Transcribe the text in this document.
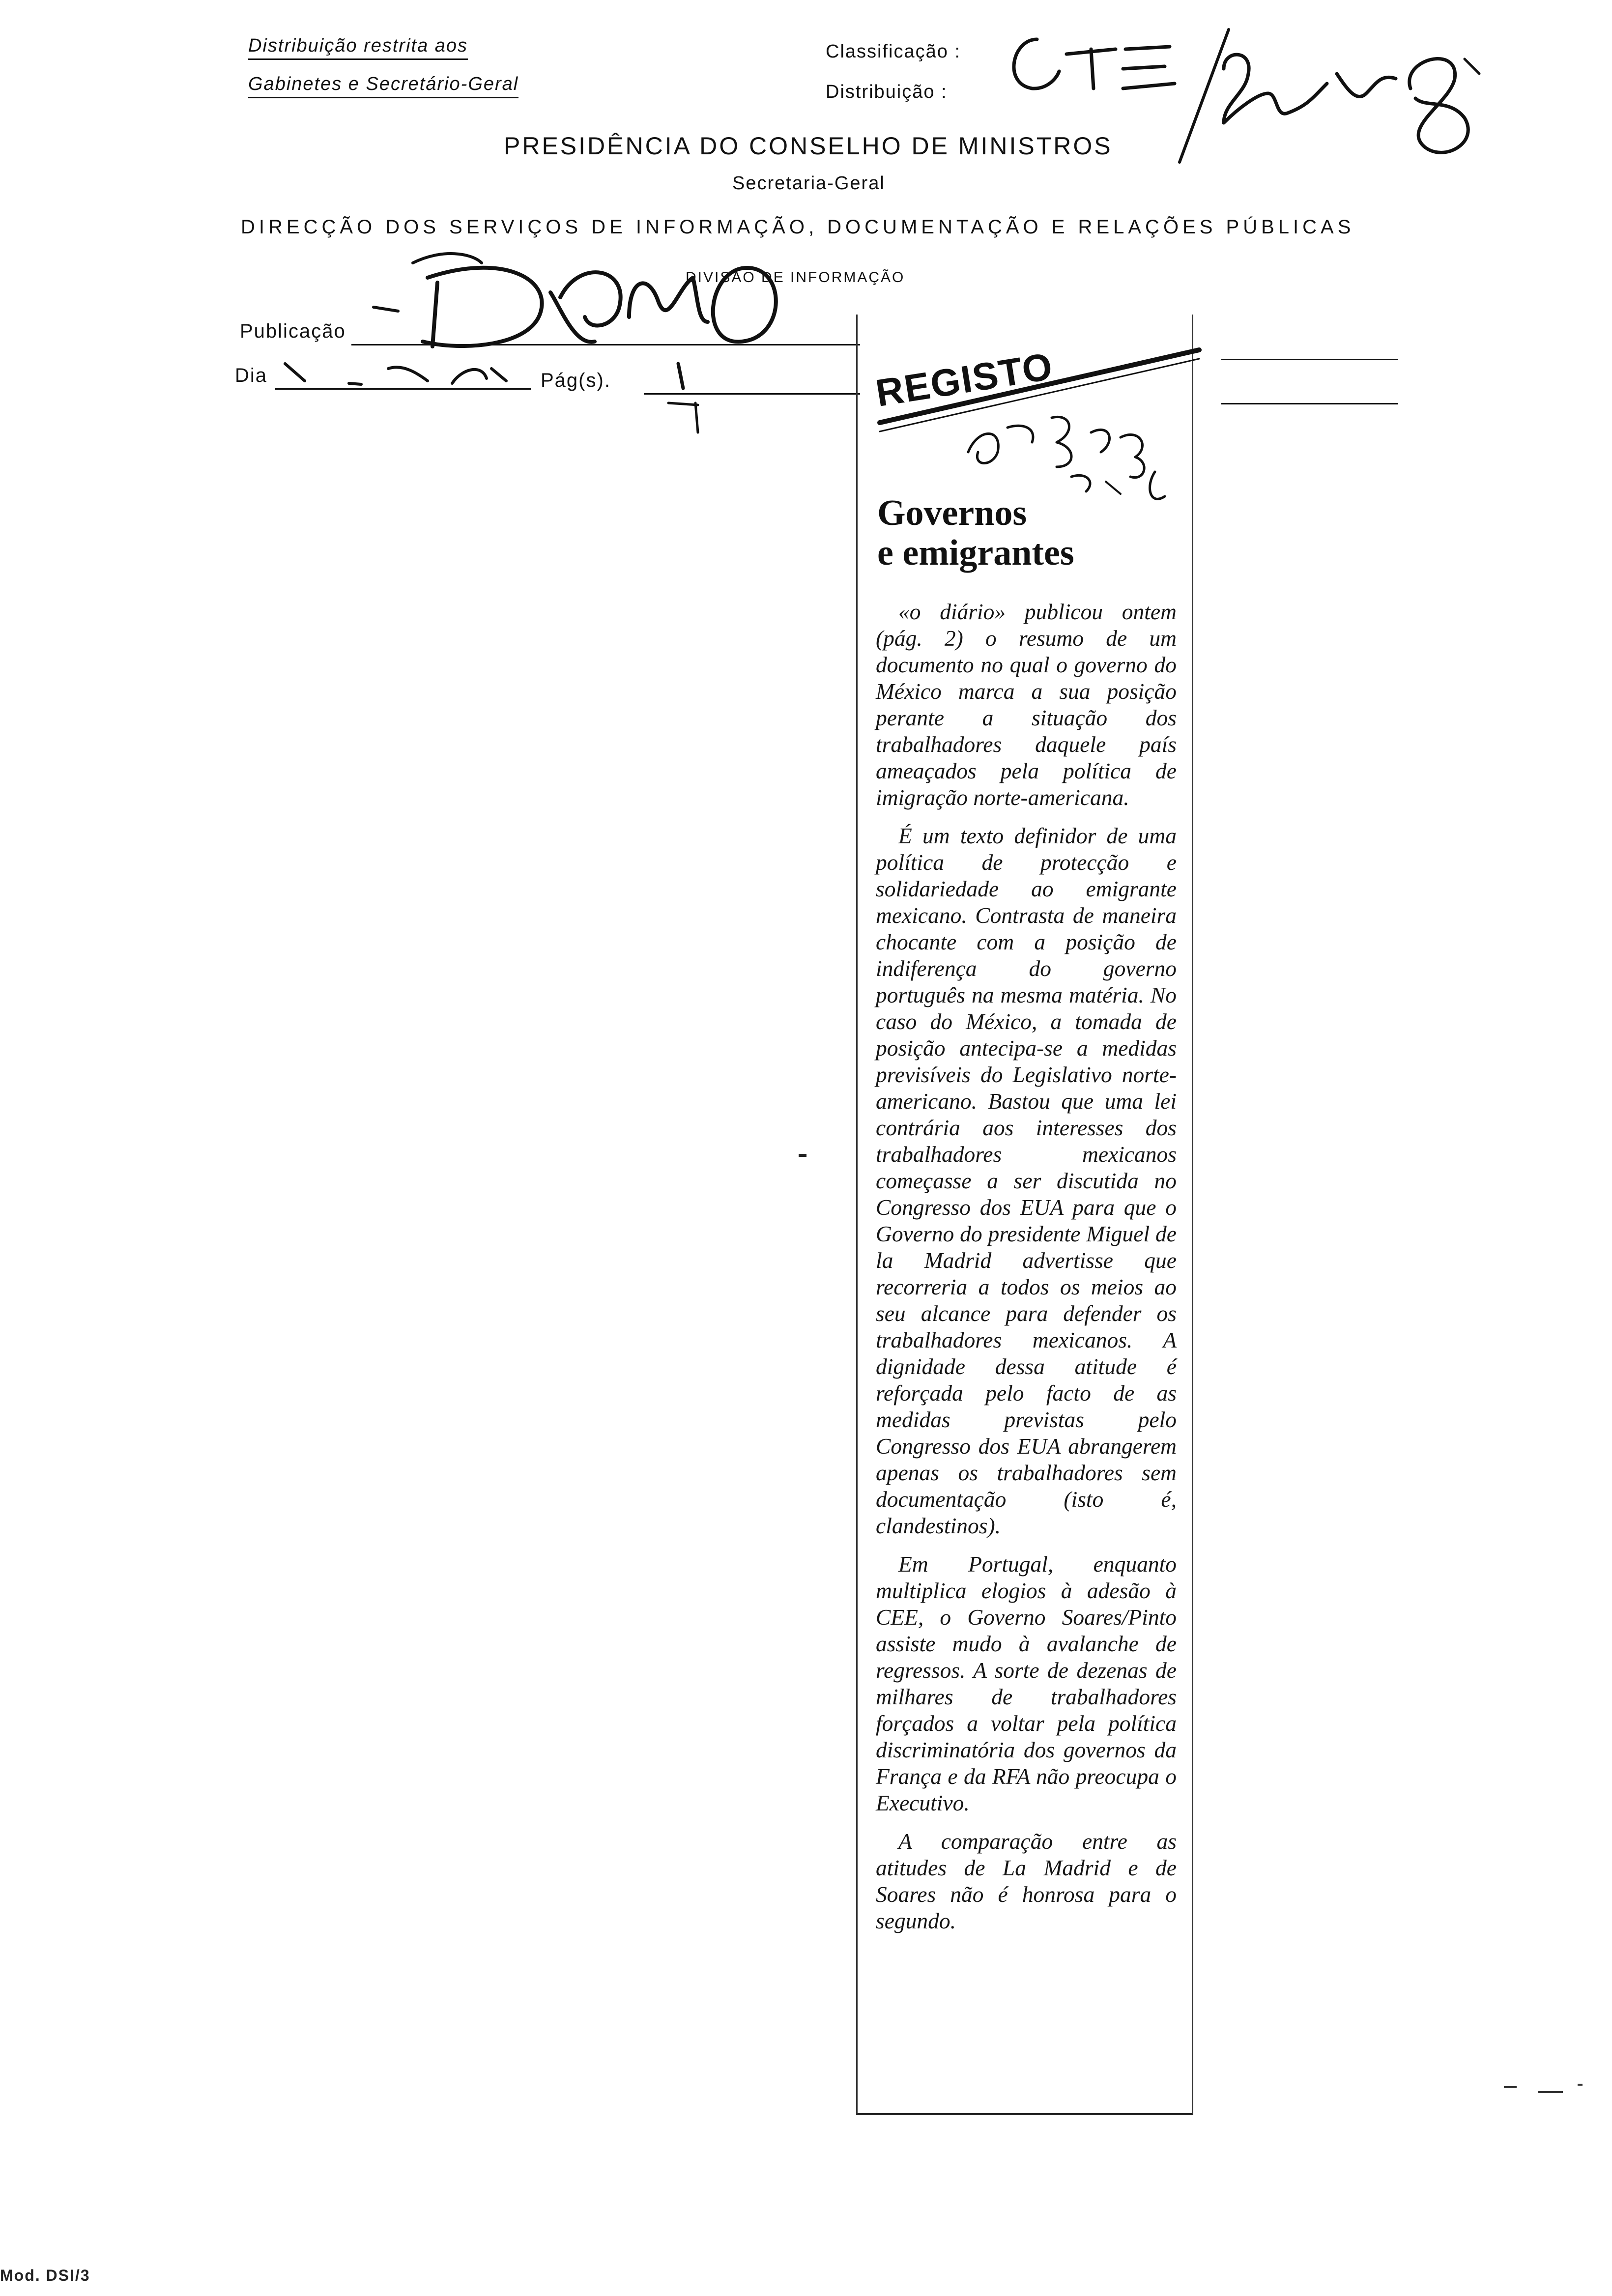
Distribuição restrita aos
Gabinetes e Secretário-Geral
Classificação :
Distribuição :
PRESIDÊNCIA DO CONSELHO DE MINISTROS
Secretaria-Geral
DIRECÇÃO DOS SERVIÇOS DE INFORMAÇÃO, DOCUMENTAÇÃO E RELAÇÕES PÚBLICAS
DIVISÃO DE INFORMAÇÃO
Publicação
Dia	Pág(s).	REGISTO
Governos
e emigrantes

«o diário» publicou ontem (pág. 2) o resumo de um documento no qual o governo do México marca a sua posição perante a situação dos trabalhadores daquele país ameaçados pela política de imigração norte-americana.

É um texto definidor de uma política de protecção e solidariedade ao emigrante mexicano. Contrasta de maneira chocante com a posição de indiferença do governo português na mesma matéria. No caso do México, a tomada de posição antecipa-se a medidas previsíveis do Legislativo norte-americano. Bastou que uma lei contrária aos interesses dos trabalhadores mexicanos começasse a ser discutida no Congresso dos EUA para que o Governo do presidente Miguel de la Madrid advertisse que recorreria a todos os meios ao seu alcance para defender os trabalhadores mexicanos. A dignidade dessa atitude é reforçada pelo facto de as medidas previstas pelo Congresso dos EUA abrangerem apenas os trabalhadores sem documentação (isto é, clandestinos).

Em Portugal, enquanto multiplica elogios à adesão à CEE, o Governo Soares/Pinto assiste mudo à avalanche de regressos. A sorte de dezenas de milhares de trabalhadores forçados a voltar pela política discriminatória dos governos da França e da RFA não preocupa o Executivo.

A comparação entre as atitudes de La Madrid e de Soares não é honrosa para o segundo.

Mod. DSI/3
